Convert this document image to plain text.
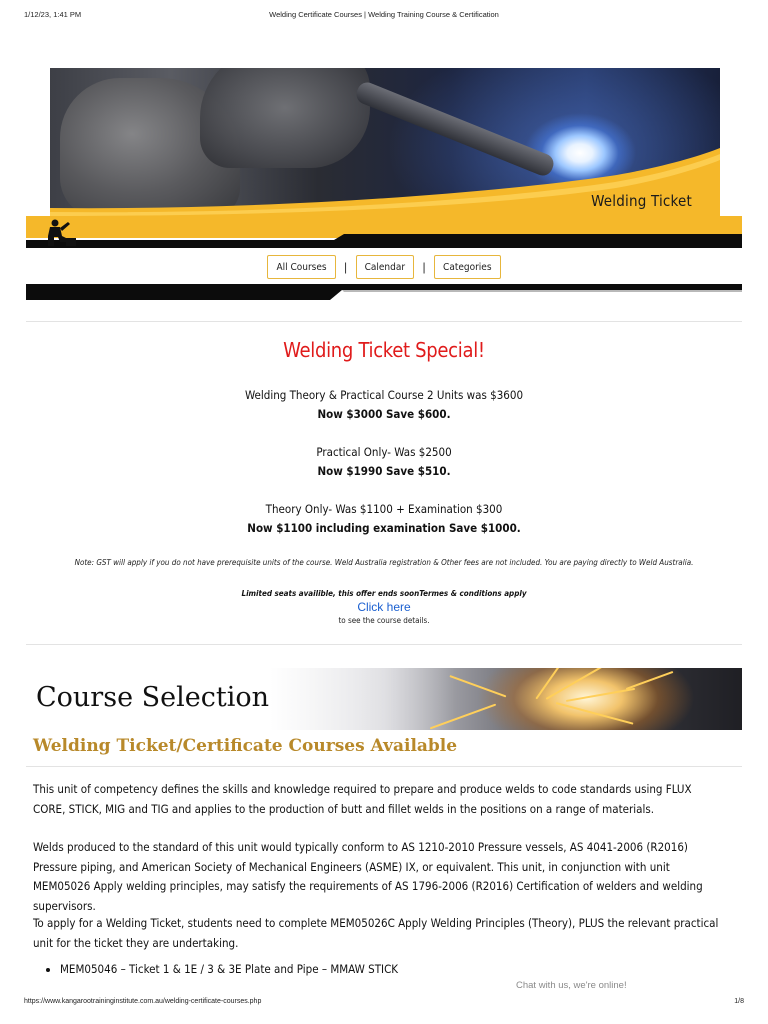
1/12/23, 1:41 PM	Welding Certificate Courses | Welding Training Course & Certification
Welding Ticket
All Courses	|	Calendar	|	Categories
Welding Ticket Special!
Welding Theory & Practical Course 2 Units was $3600
Now $3000 Save $600.
Practical Only- Was $2500
Now $1990 Save $510.
Theory Only- Was $1100 + Examination $300
Now $1100 including examination Save $1000.
Note: GST will apply if you do not have prerequisite units of the course. Weld Australia registration & Other fees are not included. You are paying directly to Weld Australia.
Limited seats availible, this offer ends soonTermes & conditions apply
Click here
to see the course details.
Course Selection
Welding Ticket/Certificate Courses Available

This unit of competency defines the skills and knowledge required to prepare and produce welds to code standards using FLUX CORE, STICK, MIG and TIG and applies to the production of butt and fillet welds in the positions on a range of materials.

Welds produced to the standard of this unit would typically conform to AS 1210-2010 Pressure vessels, AS 4041-2006 (R2016) Pressure piping, and American Society of Mechanical Engineers (ASME) IX, or equivalent. This unit, in conjunction with unit MEM05026 Apply welding principles, may satisfy the requirements of AS 1796-2006 (R2016) Certification of welders and welding supervisors.

To apply for a Welding Ticket, students need to complete MEM05026C Apply Welding Principles (Theory), PLUS the relevant practical unit for the ticket they are undertaking.

• MEM05046 – Ticket 1 & 1E / 3 & 3E Plate and Pipe – MMAW STICK
Chat with us, we're online!
https://www.kangarootraininginstitute.com.au/welding-certificate-courses.php	1/8
